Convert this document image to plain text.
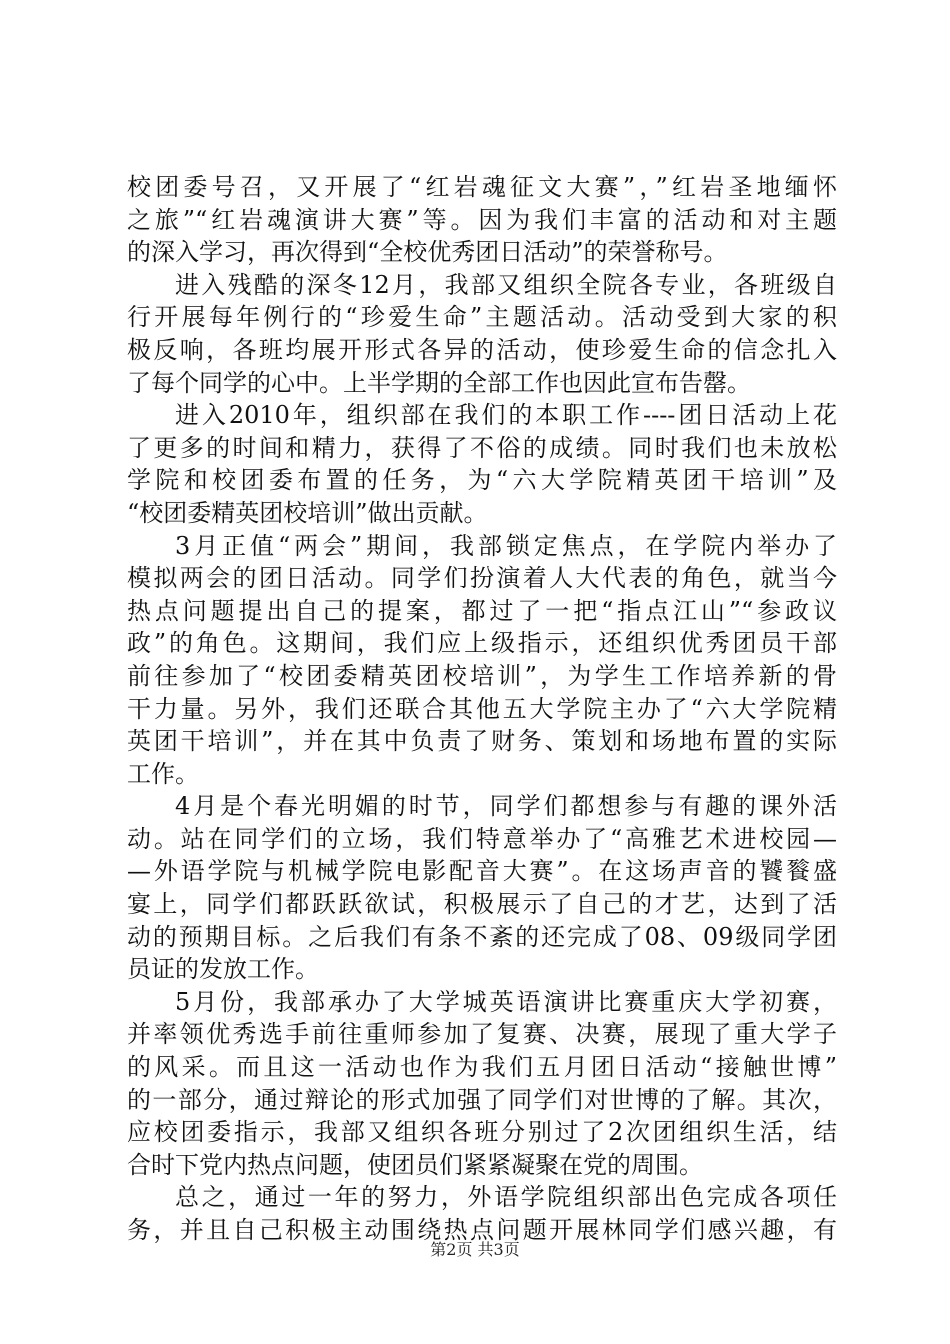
校团委号召，又开展了“红岩魂征文大赛”，”红岩圣地缅怀
之旅”“红岩魂演讲大赛”等。因为我们丰富的活动和对主题
的深入学习，再次得到“全校优秀团日活动”的荣誉称号。
进入残酷的深冬12月，我部又组织全院各专业，各班级自
行开展每年例行的“珍爱生命”主题活动。活动受到大家的积
极反响，各班均展开形式各异的活动，使珍爱生命的信念扎入
了每个同学的心中。上半学期的全部工作也因此宣布告罄。
进入2010年，组织部在我们的本职工作----团日活动上花
了更多的时间和精力，获得了不俗的成绩。同时我们也未放松
学院和校团委布置的任务，为“六大学院精英团干培训”及
“校团委精英团校培训”做出贡献。
3月正值“两会”期间，我部锁定焦点，在学院内举办了
模拟两会的团日活动。同学们扮演着人大代表的角色，就当今
热点问题提出自己的提案，都过了一把“指点江山”“参政议
政”的角色。这期间，我们应上级指示，还组织优秀团员干部
前往参加了“校团委精英团校培训”，为学生工作培养新的骨
干力量。另外，我们还联合其他五大学院主办了“六大学院精
英团干培训”，并在其中负责了财务、策划和场地布置的实际
工作。
4月是个春光明媚的时节，同学们都想参与有趣的课外活
动。站在同学们的立场，我们特意举办了“高雅艺术进校园—
—外语学院与机械学院电影配音大赛”。在这场声音的饕餮盛
宴上，同学们都跃跃欲试，积极展示了自己的才艺，达到了活
动的预期目标。之后我们有条不紊的还完成了08、09级同学团
员证的发放工作。
5月份，我部承办了大学城英语演讲比赛重庆大学初赛，
并率领优秀选手前往重师参加了复赛、决赛，展现了重大学子
的风采。而且这一活动也作为我们五月团日活动“接触世博”
的一部分，通过辩论的形式加强了同学们对世博的了解。其次，
应校团委指示，我部又组织各班分别过了2次团组织生活，结
合时下党内热点问题，使团员们紧紧凝聚在党的周围。
总之，通过一年的努力，外语学院组织部出色完成各项任
务，并且自己积极主动围绕热点问题开展林同学们感兴趣，有
第2页 共3页
